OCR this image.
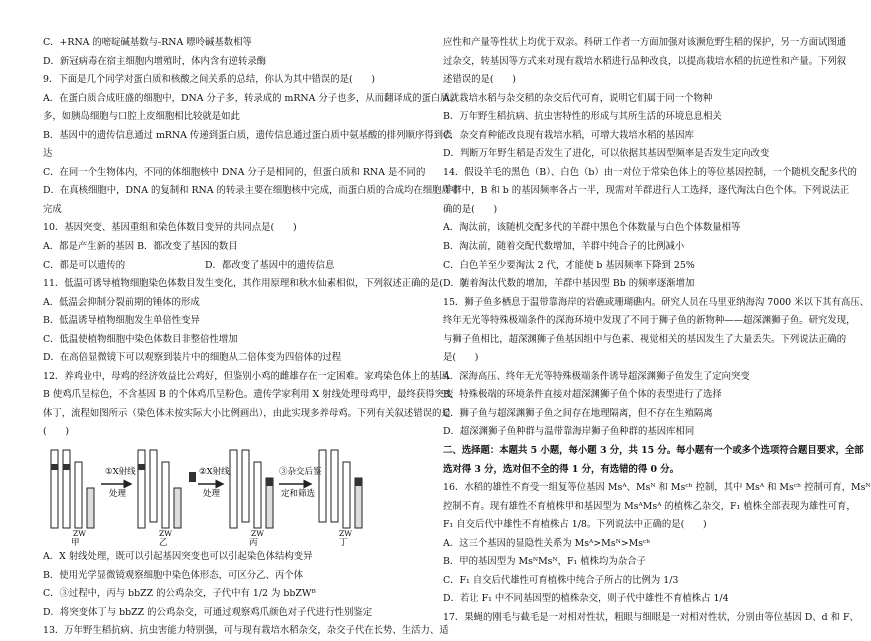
C．+RNA 的嘧啶碱基数与-RNA 嘌呤碱基数相等
D．新冠病毒在宿主细胞内增殖时，体内含有逆转录酶
9．下面是几个同学对蛋白质和核酸之间关系的总结，你认为其中错误的是(　　)
A．在蛋白质合成旺盛的细胞中，DNA 分子多，转录成的 mRNA 分子也多，从而翻译成的蛋白质就
多，如胰岛细胞与口腔上皮细胞相比较就是如此
B．基因中的遗传信息通过 mRNA 传递到蛋白质，遗传信息通过蛋白质中氨基酸的排列顺序得到表
达
C．在同一个生物体内，不同的体细胞核中 DNA 分子是相同的，但蛋白质和 RNA 是不同的
D．在真核细胞中，DNA 的复制和 RNA 的转录主要在细胞核中完成，而蛋白质的合成均在细胞质中
完成
10．基因突变、基因重组和染色体数目变异的共同点是(　　)
A．都是产生新的基因 B．都改变了基因的数目
C．都是可以遗传的	D．都改变了基因中的遗传信息
11．低温可诱导植物细胞染色体数目发生变化，其作用原理和秋水仙素相似，下列叙述正确的是(　　)
A．低温会抑制分裂前期的锤体的形成
B．低温诱导植物细胞发生单倍性变异
C．低温使植物细胞中染色体数目非整倍性增加
D．在高倍显微镜下可以观察到装片中的细胞从二倍体变为四倍体的过程
12．养鸡业中，母鸡的经济效益比公鸡好，但鉴别小鸡的雌雄存在一定困难。家鸡染色体上的基因
B 使鸡爪呈棕色，不含基因 B 的个体鸡爪呈粉色。遗传学家利用 X 射线处理母鸡甲，最终获得突变
体丁，流程如图所示（染色体未按实际大小比例画出），由此实现多养母鸡。下列有关叙述错误的是
(　　)
①X射线
处理
②X射线
处理
③杂交后鉴
定和筛选
ZW	ZW	ZW	ZW
甲	乙	丙	丁
A．X 射线处理，既可以引起基因突变也可以引起染色体结构变异
B．使用光学显微镜观察细胞中染色体形态，可区分乙、丙个体
C．③过程中，丙与 bbZZ 的公鸡杂交，子代中有 1/2 为 bbZWᴮ
D．将突变体丁与 bbZZ 的公鸡杂交，可通过观察鸡爪颜色对子代进行性别鉴定
13．万年野生稻抗病、抗虫害能力特别强，可与现有栽培水稻杂交，杂交子代在长势、生活力、适
应性和产量等性状上均优于双亲。科研工作者一方面加强对该濒危野生稻的保护，另一方面试图通
过杂交，转基因等方式来对现有栽培水稻进行品种改良，以提高栽培水稻的抗逆性和产量。下列叙
述错误的是(　　)
A．栽培水稻与杂交稻的杂交后代可育，说明它们属于同一个物种
B．万年野生稻抗病、抗虫害特性的形成与其所生活的环境息息相关
C．杂交育种能改良现有栽培水稻，可增大栽培水稻的基因库
D．判断万年野生稻是否发生了进化，可以依据其基因型频率是否发生定向改变
14．假设羊毛的黑色（B）、白色（b）由一对位于常染色体上的等位基因控制，一个随机交配多代的
羊群中，B 和 b 的基因频率各占一半，现需对羊群进行人工选择，逐代淘汰白色个体。下列说法正
确的是(　　)
A．淘汰前，该随机交配多代的羊群中黑色个体数量与白色个体数量相等
B．淘汰前，随着交配代数增加，羊群中纯合子的比例减小
C．白色羊至少要淘汰 2 代，才能使 b 基因频率下降到 25%
D．随着淘汰代数的增加，羊群中基因型 Bb 的频率逐渐增加
15．狮子鱼多栖息于温带靠海岸的岩礁或珊瑚礁内。研究人员在马里亚纳海沟 7000 米以下其有高压、
终年无光等特殊极端条件的深海环境中发现了不同于狮子鱼的新物种——超深渊狮子鱼。研究发现，
与狮子鱼相比，超深渊狮子鱼基因组中与色素、视觉相关的基因发生了大量丢失。下列说法正确的
是(　　)
A．深海高压、终年无光等特殊极端条件诱导超深渊狮子鱼发生了定向突变
B．特殊极端的环境条件直接对超深渊狮子鱼个体的表型进行了选择
C．狮子鱼与超深渊狮子鱼之间存在地理隔离，但不存在生殖隔离
D．超深渊狮子鱼种群与温带靠海岸狮子鱼种群的基因库相同
二、选择题：本题共 5 小题，每小题 3 分，共 15 分。每小题有一个或多个选项符合题目要求，全部
选对得 3 分，选对但不全的得 1 分，有选错的得 0 分。
16．水稻的雄性不育受一组复等位基因 Msᴬ、Msᴺ 和 Msᶜʰ 控制，其中 Msᴬ 和 Msᶜʰ 控制可育，Msᴺ
控制不育。现有雄性不育植株甲和基因型为 MsᴬMsᴬ 的植株乙杂交，F₁ 植株全部表现为雄性可育，
F₁ 自交后代中雄性不育植株占 1/8。下列说法中正确的是(　　)
A．这三个基因的显隐性关系为 Msᴬ>Msᴺ>Msᶜʰ
B．甲的基因型为 MsᴺMsᴺ，F₁ 植株均为杂合子
C．F₁ 自交后代雄性可育植株中纯合子所占的比例为 1/3
D．若让 F₁ 中不同基因型的植株杂交，则子代中雄性不育植株占 1/4
17．果蝇的刚毛与截毛是一对相对性状，粗眼与细眼是一对相对性状，分别由等位基因 D、d 和 F、
